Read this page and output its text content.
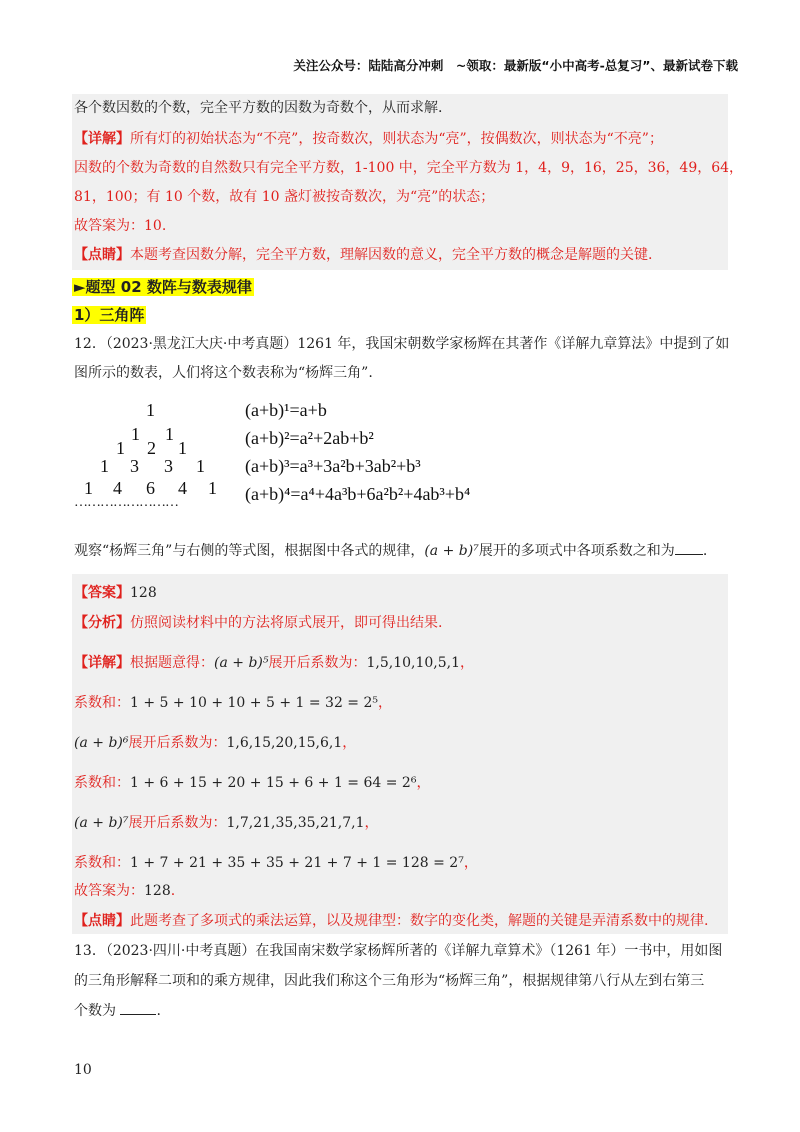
关注公众号：陆陆高分冲刺　~领取：最新版“小中高考-总复习”、最新试卷下载
各个数因数的个数，完全平方数的因数为奇数个，从而求解.
【详解】所有灯的初始状态为“不亮”，按奇数次，则状态为“亮”，按偶数次，则状态为“不亮”；
因数的个数为奇数的自然数只有完全平方数，1-100 中，完全平方数为 1，4，9，16，25，36，49，64，
81，100；有 10 个数，故有 10 盏灯被按奇数次，为“亮”的状态；
故答案为：10.
【点睛】本题考查因数分解，完全平方数，理解因数的意义，完全平方数的概念是解题的关键.
►题型 02 数阵与数表规律
1）三角阵
12．（2023·黑龙江大庆·中考真题）1261 年，我国宋朝数学家杨辉在其著作《详解九章算法》中提到了如
图所示的数表，人们将这个数表称为“杨辉三角”.
1
1 1
1 2 1
1 3 3 1
1 4 6 4 1
……………………
(a+b)¹=a+b
(a+b)²=a²+2ab+b²
(a+b)³=a³+3a²b+3ab²+b³
(a+b)⁴=a⁴+4a³b+6a²b²+4ab³+b⁴
观察“杨辉三角”与右侧的等式图，根据图中各式的规律，(a + b)⁷展开的多项式中各项系数之和为 .
【答案】128
【分析】仿照阅读材料中的方法将原式展开，即可得出结果.
【详解】根据题意得：(a + b)⁵展开后系数为：1,5,10,10,5,1，
系数和：1 + 5 + 10 + 10 + 5 + 1 = 32 = 2⁵，
(a + b)⁶展开后系数为：1,6,15,20,15,6,1，
系数和：1 + 6 + 15 + 20 + 15 + 6 + 1 = 64 = 2⁶，
(a + b)⁷展开后系数为：1,7,21,35,35,21,7,1，
系数和：1 + 7 + 21 + 35 + 35 + 21 + 7 + 1 = 128 = 2⁷，
故答案为：128.
【点睛】此题考查了多项式的乘法运算，以及规律型：数字的变化类，解题的关键是弄清系数中的规律.
13．（2023·四川·中考真题）在我国南宋数学家杨辉所著的《详解九章算术》（1261 年）一书中，用如图
的三角形解释二项和的乘方规律，因此我们称这个三角形为“杨辉三角”，根据规律第八行从左到右第三
个数为	.
10
